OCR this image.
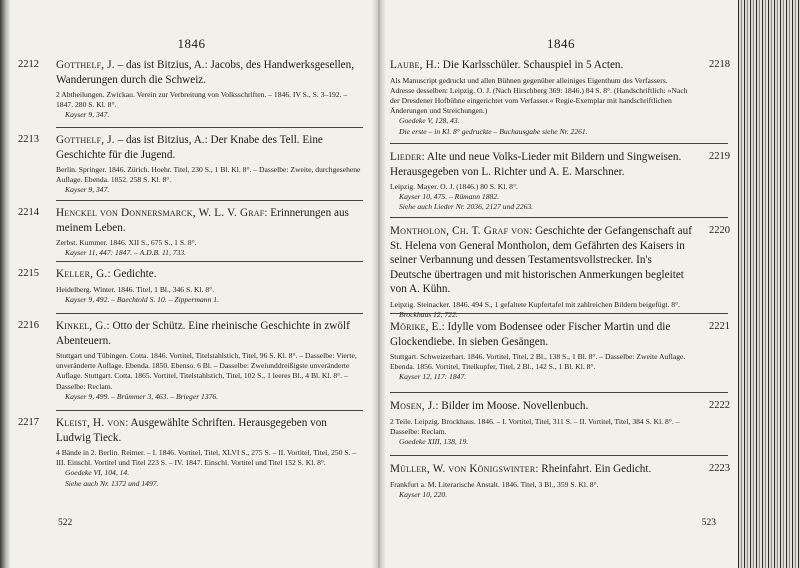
1846
2212 Gotthelf, J. – das ist Bitzius, A.: Jacobs, des Handwerksgesellen, Wanderungen durch die Schweiz.

2 Abtheilungen. Zwickau. Verein zur Verbreitung von Volksschriften. – 1846. IV S., S. 3–192. – 1847. 280 S. Kl. 8°.

Kayser 9, 347.

2213 Gotthelf, J. – das ist Bitzius, A.: Der Knabe des Tell. Eine Geschichte für die Jugend.

Berlin. Springer. 1846. Zürich. Hoehr. Titel, 230 S., 1 Bl. Kl. 8°. – Dasselbe: Zweite, durchgesehene Auflage. Ebenda. 1852. 258 S. Kl. 8°.

Kayser 9, 347.

2214 Henckel von Donnersmarck, W. L. V. Graf: Erinnerungen aus meinem Leben.

Zerbst. Kummer. 1846. XII S., 675 S., 1 S. 8°.

Kayser 11, 447: 1847. – A.D.B. 11, 733.

2215 Keller, G.: Gedichte.

Heidelberg. Winter. 1846. Titel, 1 Bl., 346 S. Kl. 8°.

Kayser 9, 492. – Baechtold S. 10. – Zippermann 1.

2216 Kinkel, G.: Otto der Schütz. Eine rheinische Geschichte in zwölf Abenteuern.

Stuttgart und Tübingen. Cotta. 1846. Vortitel, Titelstahlstich, Titel, 96 S. Kl. 8°. – Dasselbe: Vierte, unveränderte Auflage. Ebenda. 1850. Ebenso. 6 Bl. – Dasselbe: Zweiunddreißigste unveränderte Auflage. Stuttgart. Cotta. 1865. Vortitel, Titelstahlstich, Titel, 102 S., 1 leeres Bl., 4 Bl. Kl. 8°. – Dasselbe: Reclam.

Kayser 9, 499. – Brümmer 3, 463. – Brieger 1376.

2217 Kleist, H. von: Ausgewählte Schriften. Herausgegeben von Ludwig Tieck.

4 Bände in 2. Berlin. Reimer. – I. 1846. Vortitel, Titel, XLVI S., 275 S. – II. Vortitel, Titel, 250 S. – III. Einschl. Vortitel und Titel 223 S. – IV. 1847. Einschl. Vortitel und Titel 152 S. Kl. 8°.

Goedeke VI, 104, 14.

Siehe auch Nr. 1372 und 1497.

522
1846
2218

Laube, H.: Die Karlsschüler. Schauspiel in 5 Acten.

Als Manuscript gedruckt und allen Bühnen gegenüber alleiniges Eigenthum des Verfassers. Adresse desselben: Leipzig. O. J. (Nach Hirschberg 369: 1846.) 84 S. 8°. (Handschriftlich: »Nach der Dresdener Hofbühne eingerichtet vom Verfasser.« Regie-Exemplar mit handschriftlichen Änderungen und Streichungen.)

Goedeke V, 128, 43.

Die erste – in Kl. 8° gedruckte – Buchausgabe siehe Nr. 2261.

2219

Lieder: Alte und neue Volks-Lieder mit Bildern und Singweisen. Herausgegeben von L. Richter und A. E. Marschner.

Leipzig. Mayer. O. J. (1846.) 80 S. Kl. 8°.

Kayser 10, 475. – Rümann 1882.

Siehe auch Lieder Nr. 2036, 2127 und 2263.

2220

Montholon, Ch. T. Graf von: Geschichte der Gefangenschaft auf St. Helena von General Montholon, dem Gefährten des Kaisers in seiner Verbannung und dessen Testamentsvollstrecker. In's Deutsche übertragen und mit historischen Anmerkungen begleitet von A. Kühn.

Leipzig. Steinacker. 1846. 494 S., 1 gefaltete Kupfertafel mit zahlreichen Bildern beigefügt. 8°.

Brockhaus 12, 722.

2221

Mörike, E.: Idylle vom Bodensee oder Fischer Martin und die Glockendiebe. In sieben Gesängen.

Stuttgart. Schweizerbart. 1846. Vortitel, Titel, 2 Bl., 138 S., 1 Bl. 8°. – Dasselbe: Zweite Auflage. Ebenda. 1856. Vortitel, Titelkupfer, Titel, 2 Bl., 142 S., 1 Bl. Kl. 8°.

Kayser 12, 117: 1847.

2222

Mosen, J.: Bilder im Moose. Novellenbuch.

2 Teile. Leipzig. Brockhaus. 1846. – I. Vortitel, Titel, 311 S. – II. Vortitel, Titel, 384 S. Kl. 8°. – Dasselbe: Reclam.

Goedeke XIII, 138, 19.

2223

Müller, W. von Königswinter: Rheinfahrt. Ein Gedicht.

Frankfurt a. M. Literarische Anstalt. 1846. Titel, 3 Bl., 359 S. Kl. 8°.

Kayser 10, 220.

523
